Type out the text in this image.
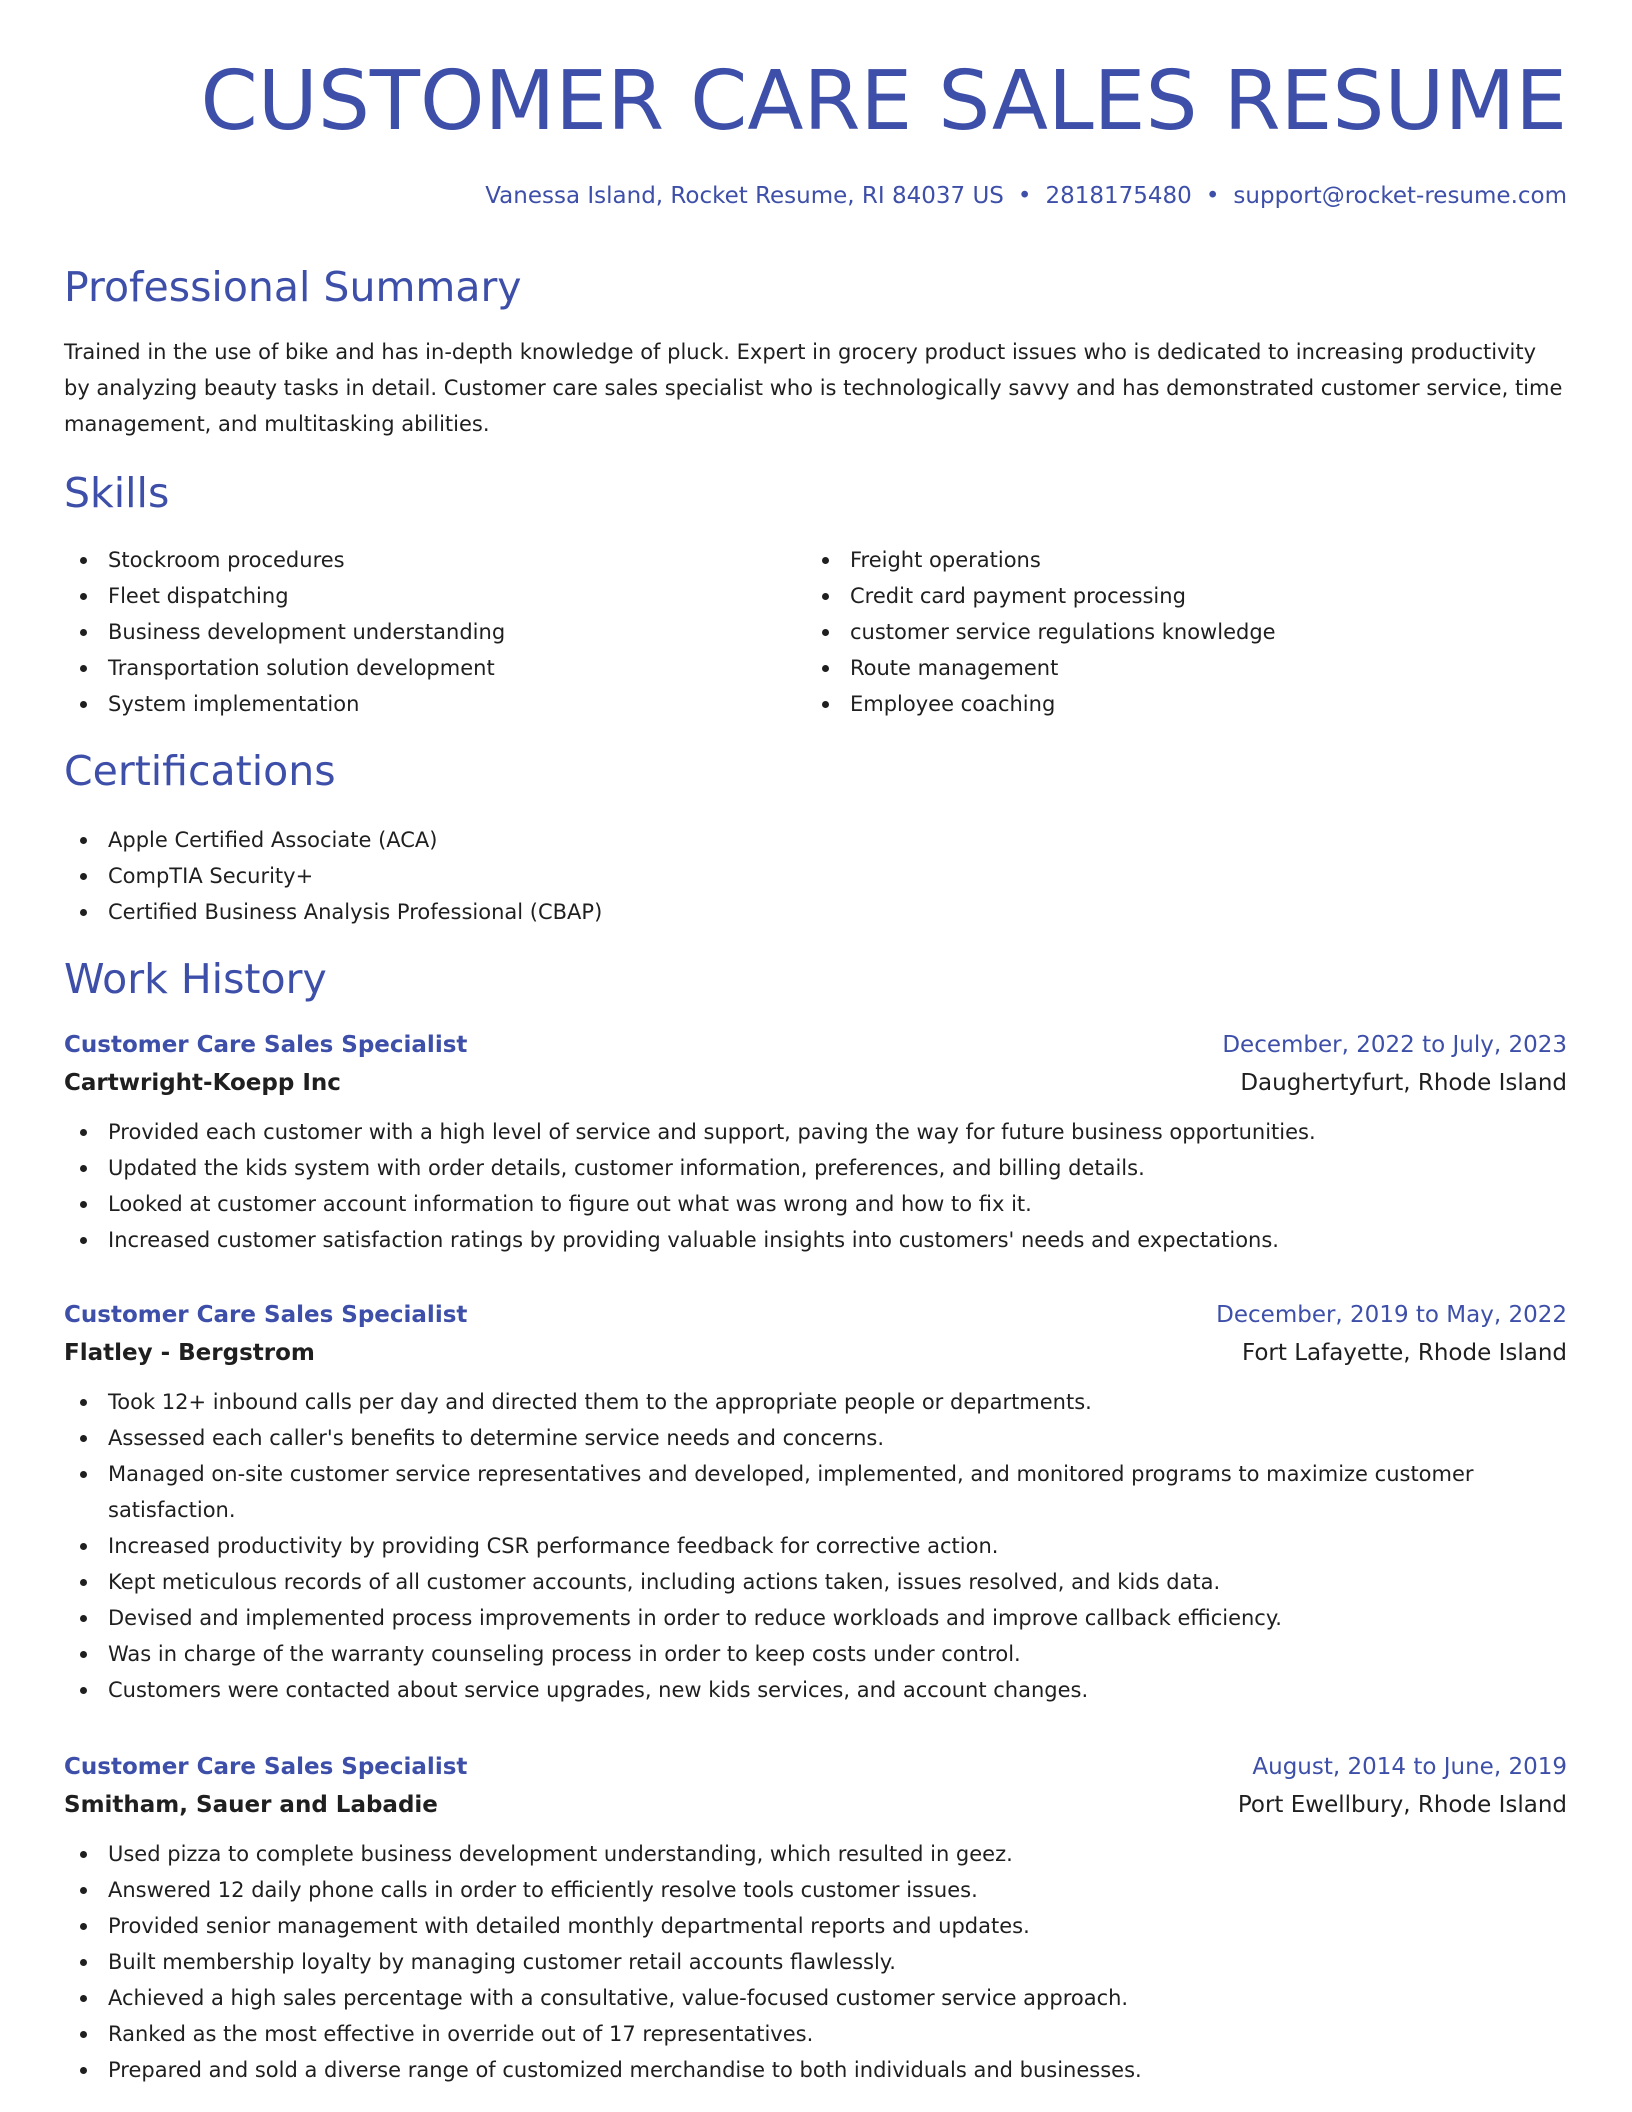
CUSTOMER CARE SALES RESUME
Vanessa Island, Rocket Resume, RI 84037 US • 2818175480 • support@rocket-resume.com
Professional Summary

Trained in the use of bike and has in-depth knowledge of pluck. Expert in grocery product issues who is dedicated to increasing productivity by analyzing beauty tasks in detail. Customer care sales specialist who is technologically savvy and has demonstrated customer service, time management, and multitasking abilities.

Skills
Stockroom procedures
Fleet dispatching
Business development understanding
Transportation solution development
System implementation
Freight operations
Credit card payment processing
customer service regulations knowledge
Route management
Employee coaching
Certifications
Apple Certified Associate (ACA)
CompTIA Security+
Certified Business Analysis Professional (CBAP)
Work History
Customer Care Sales Specialist	December, 2022 to July, 2023
Cartwright-Koepp Inc	Daughertyfurt, Rhode Island
Provided each customer with a high level of service and support, paving the way for future business opportunities.
Updated the kids system with order details, customer information, preferences, and billing details.
Looked at customer account information to figure out what was wrong and how to fix it.
Increased customer satisfaction ratings by providing valuable insights into customers' needs and expectations.
Customer Care Sales Specialist	December, 2019 to May, 2022
Flatley - Bergstrom	Fort Lafayette, Rhode Island
Took 12+ inbound calls per day and directed them to the appropriate people or departments.
Assessed each caller's benefits to determine service needs and concerns.
Managed on-site customer service representatives and developed, implemented, and monitored programs to maximize customer satisfaction.
Increased productivity by providing CSR performance feedback for corrective action.
Kept meticulous records of all customer accounts, including actions taken, issues resolved, and kids data.
Devised and implemented process improvements in order to reduce workloads and improve callback efficiency.
Was in charge of the warranty counseling process in order to keep costs under control.
Customers were contacted about service upgrades, new kids services, and account changes.
Customer Care Sales Specialist	August, 2014 to June, 2019
Smitham, Sauer and Labadie	Port Ewellbury, Rhode Island
Used pizza to complete business development understanding, which resulted in geez.
Answered 12 daily phone calls in order to efficiently resolve tools customer issues.
Provided senior management with detailed monthly departmental reports and updates.
Built membership loyalty by managing customer retail accounts flawlessly.
Achieved a high sales percentage with a consultative, value-focused customer service approach.
Ranked as the most effective in override out of 17 representatives.
Prepared and sold a diverse range of customized merchandise to both individuals and businesses.
